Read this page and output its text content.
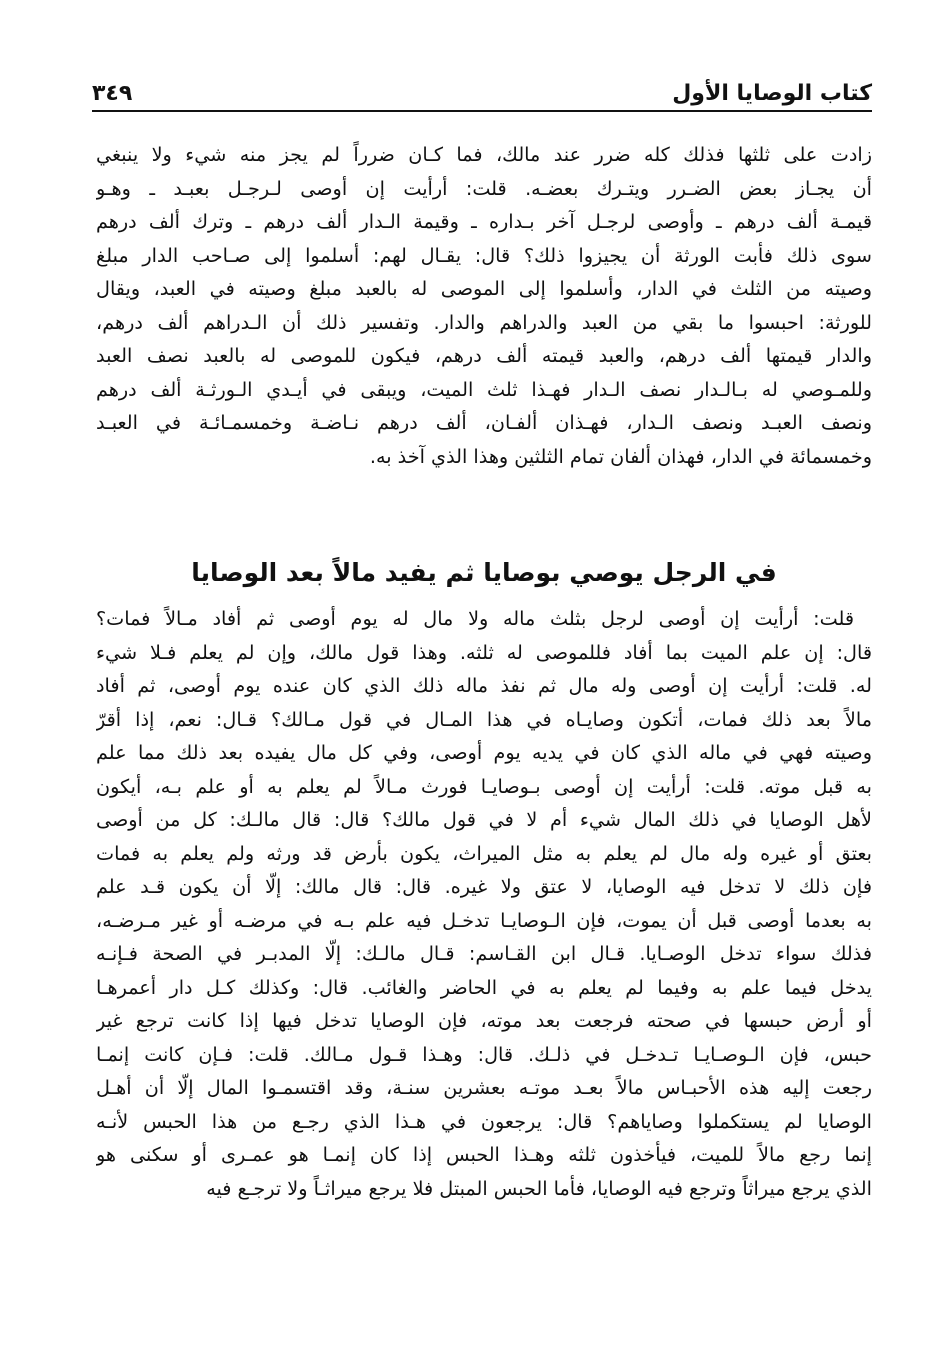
كتاب الوصايا الأول
٣٤٩
زادت على ثلثها فذلك كله ضرر عند مالك، فما كـان ضرراً لم يجز منه شيء ولا ينبغي
أن يجـاز بعض الضـرر ويتـرك بعضـه. قلت: أرأيت إن أوصى لـرجـل بعبـد ـ وهـو
قيمـة ألف درهم ـ وأوصى لرجـل آخر بـداره ـ وقيمة الـدار ألف درهم ـ وترك ألف درهم
سوى ذلك فأبت الورثة أن يجيزوا ذلك؟ قال: يقـال لهم: أسلموا إلى صـاحب الدار مبلغ
وصيته من الثلث في الدار، وأسلموا إلى الموصى له بالعبد مبلغ وصيته في العبد، ويقال
للورثة: احبسوا ما بقي من العبد والدراهم والدار. وتفسير ذلك أن الـدراهم ألف درهم،
والدار قيمتها ألف درهم، والعبد قيمته ألف درهم، فيكون للموصى له بالعبد نصف العبد
وللمـوصي له بـالـدار نصف الـدار فهـذا ثلث الميت، ويبقى في أيـدي الـورثـة ألف درهم
ونصف العبـد ونصف الـدار، فهـذان ألفـان، ألف درهم نـاضـة وخمسمـائـة في العبـد
وخمسمائة في الدار، فهذان ألفان تمام الثلثين وهذا الذي آخذ به.
في الرجل يوصي بوصايا ثم يفيد مالاً بعد الوصايا
قلت: أرأيت إن أوصى لرجل بثلث ماله ولا مال له يوم أوصى ثم أفاد مـالاً فمات؟
قال: إن علم الميت بما أفاد فللموصى له ثلثه. وهذا قول مالك، وإن لم يعلم فـلا شيء
له. قلت: أرأيت إن أوصى وله مال ثم نفذ ماله ذلك الذي كان عنده يوم أوصى، ثم أفاد
مالاً بعد ذلك فمات، أتكون وصايـاه في هذا المـال في قول مـالك؟ قـال: نعم، إذا أقرّ
وصيته فهي في ماله الذي كان في يديه يوم أوصى، وفي كل مال يفيده بعد ذلك مما علم
به قبل موته. قلت: أرأيت إن أوصى بـوصايـا فورث مـالاً لم يعلم به أو علم بـه، أيكون
لأهل الوصايا في ذلك المال شيء أم لا في قول مالك؟ قال: قال مالـك: كل من أوصى
بعتق أو غيره وله مال لم يعلم به مثل الميراث، يكون بأرض قد ورثه ولم يعلم به فمات
فإن ذلك لا تدخل فيه الوصايا، لا عتق ولا غيره. قال: قال مالك: إلّا أن يكون قـد علم
به بعدما أوصى قبل أن يموت، فإن الـوصايـا تدخـل فيه علم بـه في مرضـه أو غير مـرضـه،
فذلك سواء تدخل الوصـايا. قـال ابن القـاسم: قـال مالـك: إلّا المدبـر في الصحة فـإنـه
يدخل فيما علم به وفيما لم يعلم به في الحاضر والغائب. قال: وكذلك كـل دار أعمرهـا
أو أرض حبسها في صحته فرجعت بعد موته، فإن الوصايا تدخل فيها إذا كانت ترجع غير
حبس، فإن الـوصـايـا تـدخـل في ذلـك. قال: وهـذا قـول مـالك. قلت: فـإن كانت إنمـا
رجعت إليه هذه الأحبـاس مالاً بعـد موتـه بعشرين سنـة، وقد اقتسمـوا المال إلّا أن أهـل
الوصايا لم يستكملوا وصاياهم؟ قال: يرجعون في هـذا الذي رجـع من هذا الحبس لأنـه
إنما رجع مالاً للميت، فيأخذون ثلثه وهـذا الحبس إذا كان إنمـا هو عمـرى أو سكنى هو
الذي يرجع ميراثاً وترجع فيه الوصايا، فأما الحبس المبتل فلا يرجع ميراثـاً ولا ترجـع فيه
